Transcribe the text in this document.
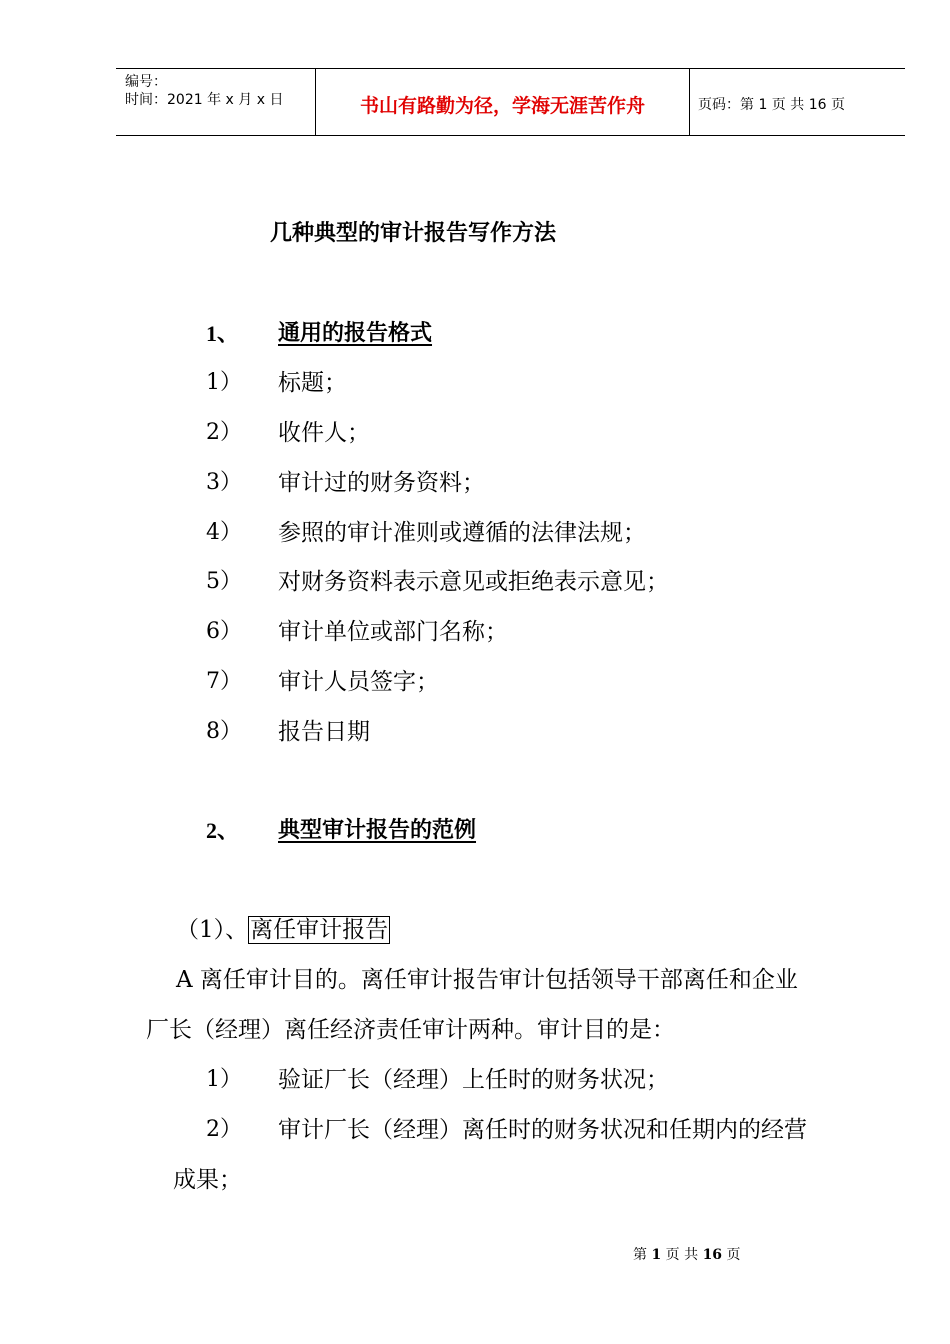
编号：
时间：2021 年 x 月 x 日	书山有路勤为径，学海无涯苦作舟	页码：第 1 页 共 16 页
几种典型的审计报告写作方法
1、 通用的报告格式
1） 标题；
2） 收件人；
3） 审计过的财务资料；
4） 参照的审计准则或遵循的法律法规；
5） 对财务资料表示意见或拒绝表示意见；
6） 审计单位或部门名称；
7） 审计人员签字；
8） 报告日期
2、 典型审计报告的范例
（1）、离任审计报告
A 离任审计目的。离任审计报告审计包括领导干部离任和企业
厂长（经理）离任经济责任审计两种。审计目的是：
1） 验证厂长（经理）上任时的财务状况；
2） 审计厂长（经理）离任时的财务状况和任期内的经营
成果；
第 1 页 共 16 页
